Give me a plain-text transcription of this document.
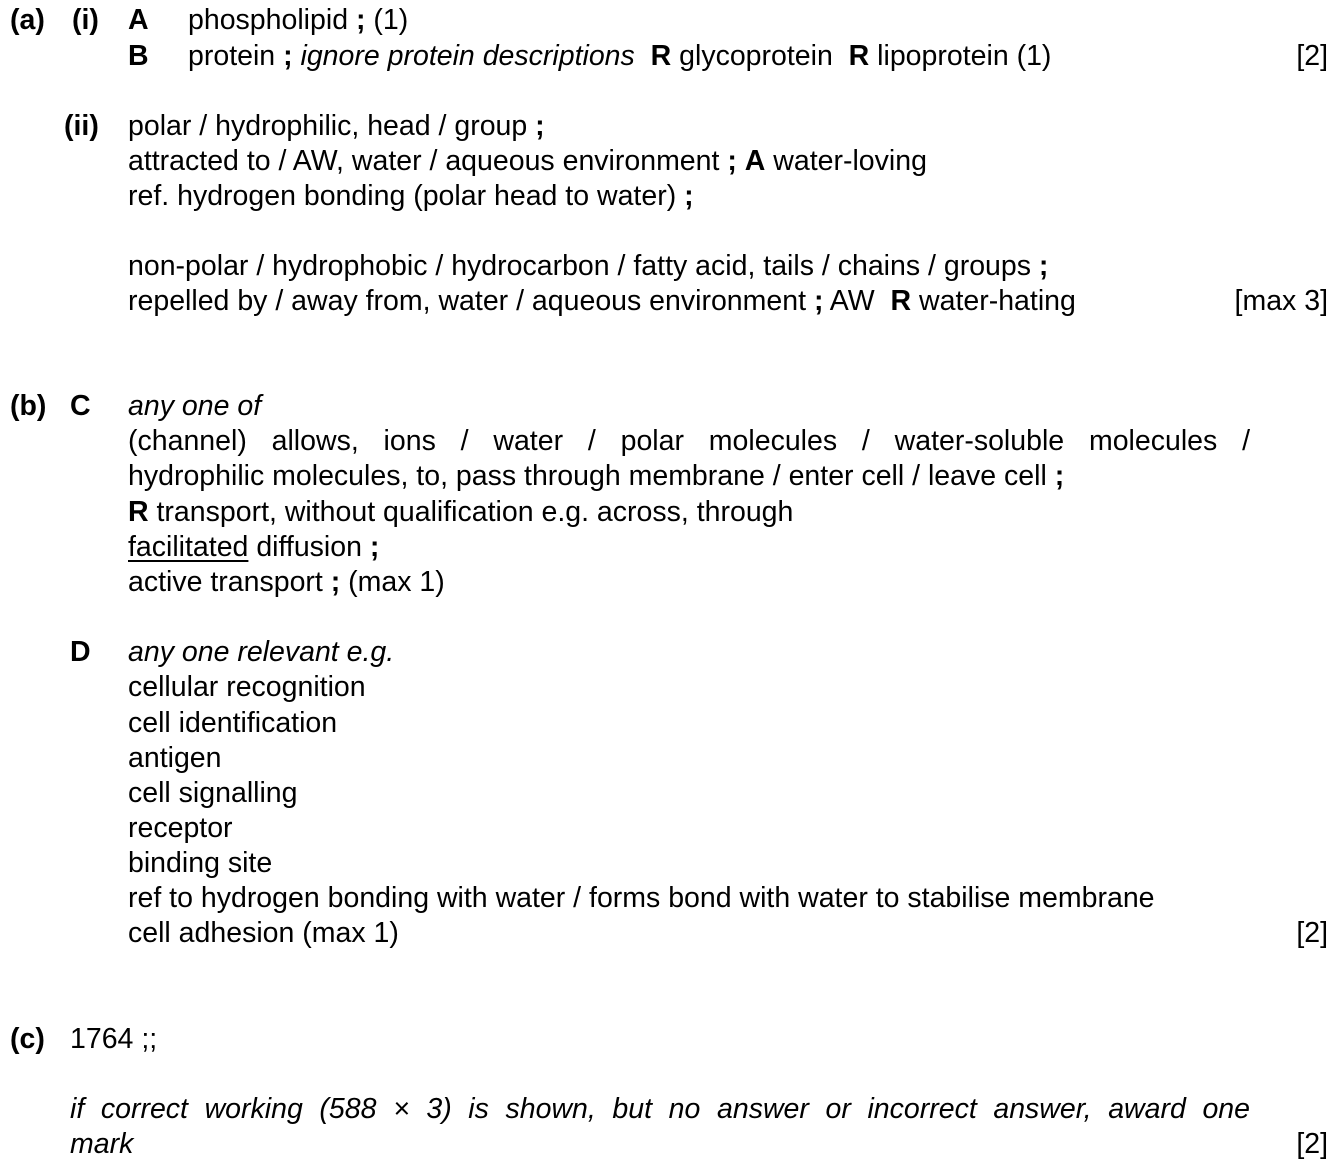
(a) (i) A phospholipid ; (1)
B protein ; ignore protein descriptions R glycoprotein R lipoprotein (1)	[2]
(ii) polar / hydrophilic, head / group ;
attracted to / AW, water / aqueous environment ; A water-loving
ref. hydrogen bonding (polar head to water) ;
non-polar / hydrophobic / hydrocarbon / fatty acid, tails / chains / groups ;
repelled by / away from, water / aqueous environment ; AW R water-hating	[max 3]
(b) C any one of
(channel) allows, ions / water / polar molecules / water-soluble molecules /
hydrophilic molecules, to, pass through membrane / enter cell / leave cell ;
R transport, without qualification e.g. across, through
facilitated diffusion ;
active transport ; (max 1)
D any one relevant e.g.
cellular recognition
cell identification
antigen
cell signalling
receptor
binding site
ref to hydrogen bonding with water / forms bond with water to stabilise membrane
cell adhesion (max 1)	[2]
(c) 1764 ;;
if correct working (588 × 3) is shown, but no answer or incorrect answer, award one
mark	[2]
